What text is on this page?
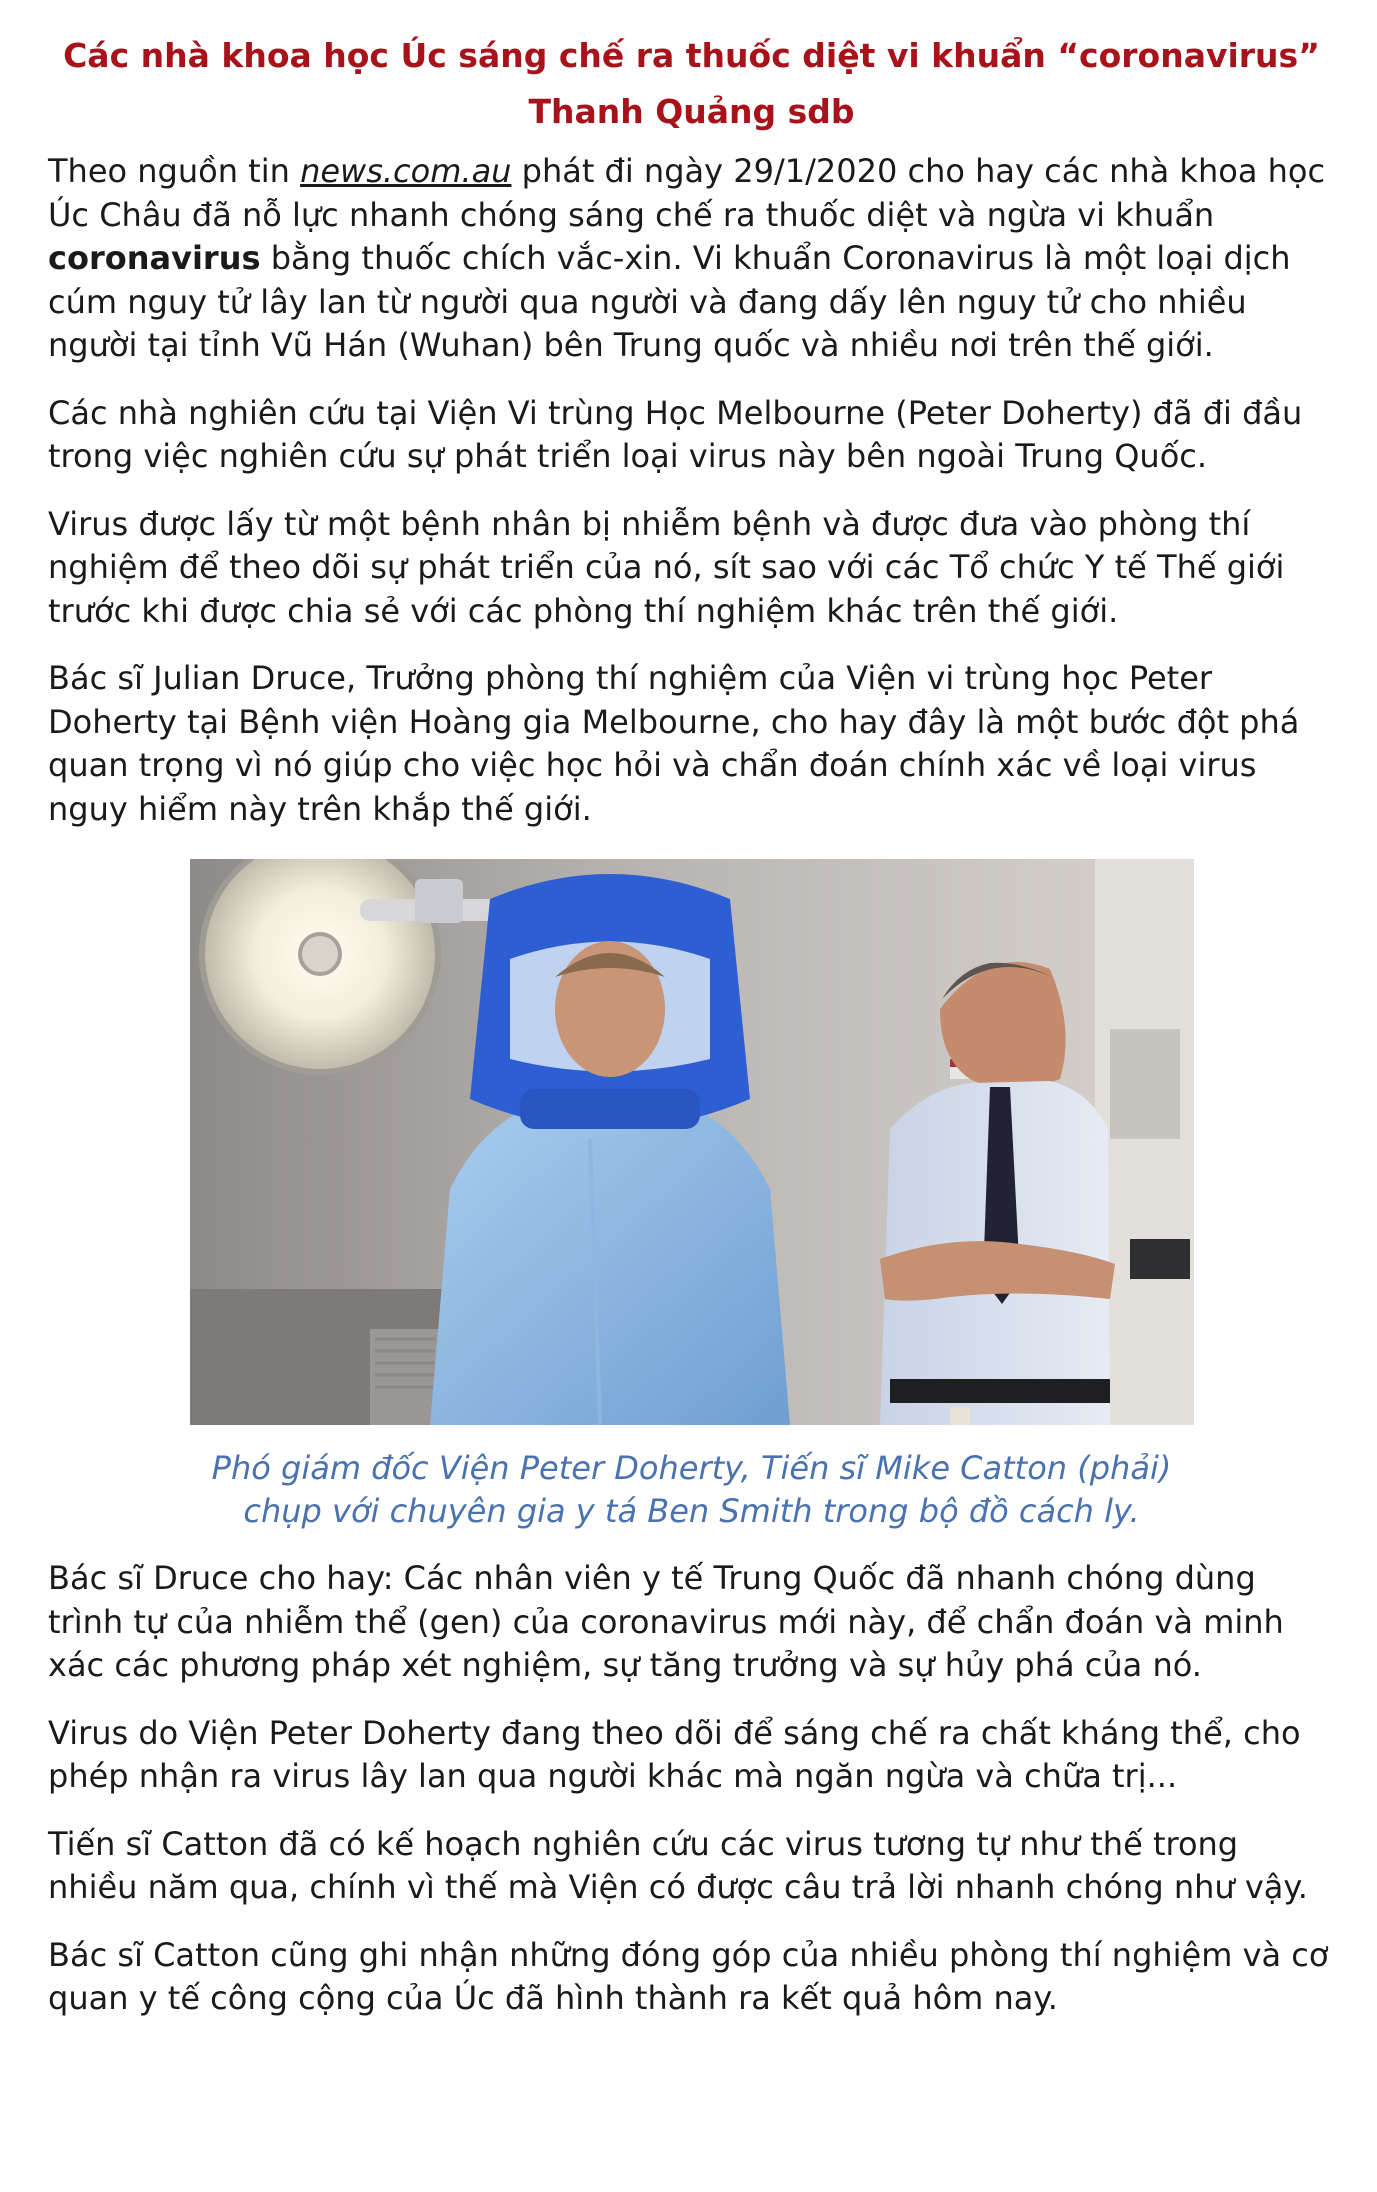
Các nhà khoa học Úc sáng chế ra thuốc diệt vi khuẩn “coronavirus”

Thanh Quảng sdb

Theo nguồn tin news.com.au phát đi ngày 29/1/2020 cho hay các nhà khoa học Úc Châu đã nỗ lực nhanh chóng sáng chế ra thuốc diệt và ngừa vi khuẩn coronavirus bằng thuốc chích vắc-xin. Vi khuẩn Coronavirus là một loại dịch cúm nguy tử lây lan từ người qua người và đang dấy lên nguy tử cho nhiều người tại tỉnh Vũ Hán (Wuhan) bên Trung quốc và nhiều nơi trên thế giới.

Các nhà nghiên cứu tại Viện Vi trùng Học Melbourne (Peter Doherty) đã đi đầu trong việc nghiên cứu sự phát triển loại virus này bên ngoài Trung Quốc.

Virus được lấy từ một bệnh nhân bị nhiễm bệnh và được đưa vào phòng thí nghiệm để theo dõi sự phát triển của nó, sít sao với các Tổ chức Y tế Thế giới trước khi được chia sẻ với các phòng thí nghiệm khác trên thế giới.

Bác sĩ Julian Druce, Trưởng phòng thí nghiệm của Viện vi trùng học Peter Doherty tại Bệnh viện Hoàng gia Melbourne, cho hay đây là một bước đột phá quan trọng vì nó giúp cho việc học hỏi và chẩn đoán chính xác về loại virus nguy hiểm này trên khắp thế giới.

Phó giám đốc Viện Peter Doherty, Tiến sĩ Mike Catton (phải)
chụp với chuyên gia y tá Ben Smith trong bộ đồ cách ly.

Bác sĩ Druce cho hay: Các nhân viên y tế Trung Quốc đã nhanh chóng dùng trình tự của nhiễm thể (gen) của coronavirus mới này, để chẩn đoán và minh xác các phương pháp xét nghiệm, sự tăng trưởng và sự hủy phá của nó.

Virus do Viện Peter Doherty đang theo dõi để sáng chế ra chất kháng thể, cho phép nhận ra virus lây lan qua người khác mà ngăn ngừa và chữa trị...

Tiến sĩ Catton đã có kế hoạch nghiên cứu các virus tương tự như thế trong nhiều năm qua, chính vì thế mà Viện có được câu trả lời nhanh chóng như vậy.

Bác sĩ Catton cũng ghi nhận những đóng góp của nhiều phòng thí nghiệm và cơ quan y tế công cộng của Úc đã hình thành ra kết quả hôm nay.
